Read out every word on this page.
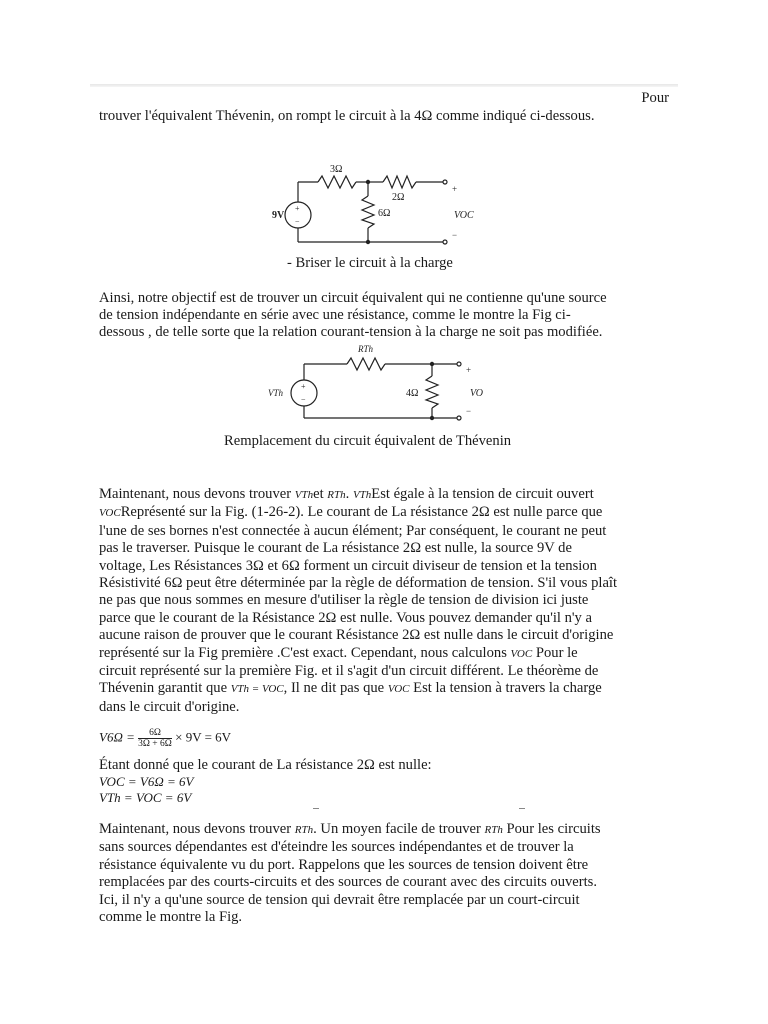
Pour

trouver l'équivalent Thévenin, on rompt le circuit à la 4Ω comme indiqué ci-dessous.

3Ω
2Ω
6Ω
9V
+
−
+
−
VOC
- Briser le circuit à la charge

Ainsi, notre objectif est de trouver un circuit équivalent qui ne contienne qu'une source

de tension indépendante en série avec une résistance, comme le montre la Fig ci-

dessous , de telle sorte que la relation courant-tension à la charge ne soit pas modifiée.

RTh
VTh
+
−
4Ω
+
−
VO
Remplacement du circuit équivalent de Thévenin
Maintenant, nous devons trouver VThet RTh. VThEst égale à la tension de circuit ouvert
VOCReprésenté sur la Fig. (1-26-2). Le courant de La résistance 2Ω est nulle parce que
l'une de ses bornes n'est connectée à aucun élément; Par conséquent, le courant ne peut
pas le traverser. Puisque le courant de La résistance 2Ω est nulle, la source 9V de
voltage, Les Résistances 3Ω et 6Ω forment un circuit diviseur de tension et la tension
Résistivité 6Ω peut être déterminée par la règle de déformation de tension. S'il vous plaît
ne pas que nous sommes en mesure d'utiliser la règle de tension de division ici juste
parce que le courant de la Résistance 2Ω est nulle. Vous pouvez demander qu'il n'y a
aucune raison de prouver que le courant Résistance 2Ω est nulle dans le circuit d'origine
représenté sur la Fig première .C'est exact. Cependant, nous calculons VOC Pour le
circuit représenté sur la première Fig. et il s'agit d'un circuit différent. Le théorème de
Thévenin garantit que VTh = VOC, Il ne dit pas que VOC Est la tension à travers la charge
dans le circuit d'origine.
$V6\Omega = \frac{6\Omega}{3\Omega + 6\Omega} \times 9V = 6V$

Étant donné que le courant de La résistance 2Ω est nulle:

VOC = V6Ω = 6V
VTh = VOC = 6V
Maintenant, nous devons trouver RTh. Un moyen facile de trouver RTh Pour les circuits
sans sources dépendantes est d'éteindre les sources indépendantes et de trouver la
résistance équivalente vu du port. Rappelons que les sources de tension doivent être
remplacées par des courts-circuits et des sources de courant avec des circuits ouverts.
Ici, il n'y a qu'une source de tension qui devrait être remplacée par un court-circuit
comme le montre la Fig.
